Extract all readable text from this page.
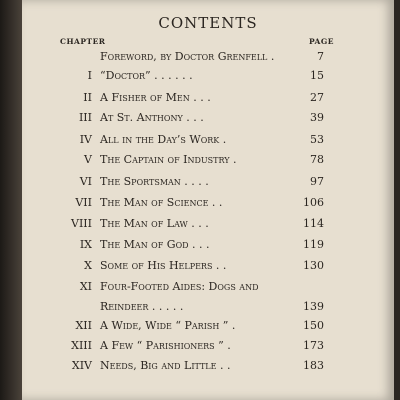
CONTENTS
CHAPTER	PAGE
Foreword, by Doctor Grenfell .	7
I “Doctor” . . . . . .	15
II A Fisher of Men . . .	27
III At St. Anthony . . .	39
IV All in the Day’s Work .	53
V The Captain of Industry .	78
VI The Sportsman . . . .	97
VII The Man of Science . .	106
VIII The Man of Law . . .	114
IX The Man of God . . .	119
X Some of His Helpers . .	130
XI Four-Footed Aides: Dogs and
Reindeer . . . . .	139
XII A Wide, Wide “ Parish ” .	150
XIII A Few “ Parishioners ” .	173
XIV Needs, Big and Little . .	183
